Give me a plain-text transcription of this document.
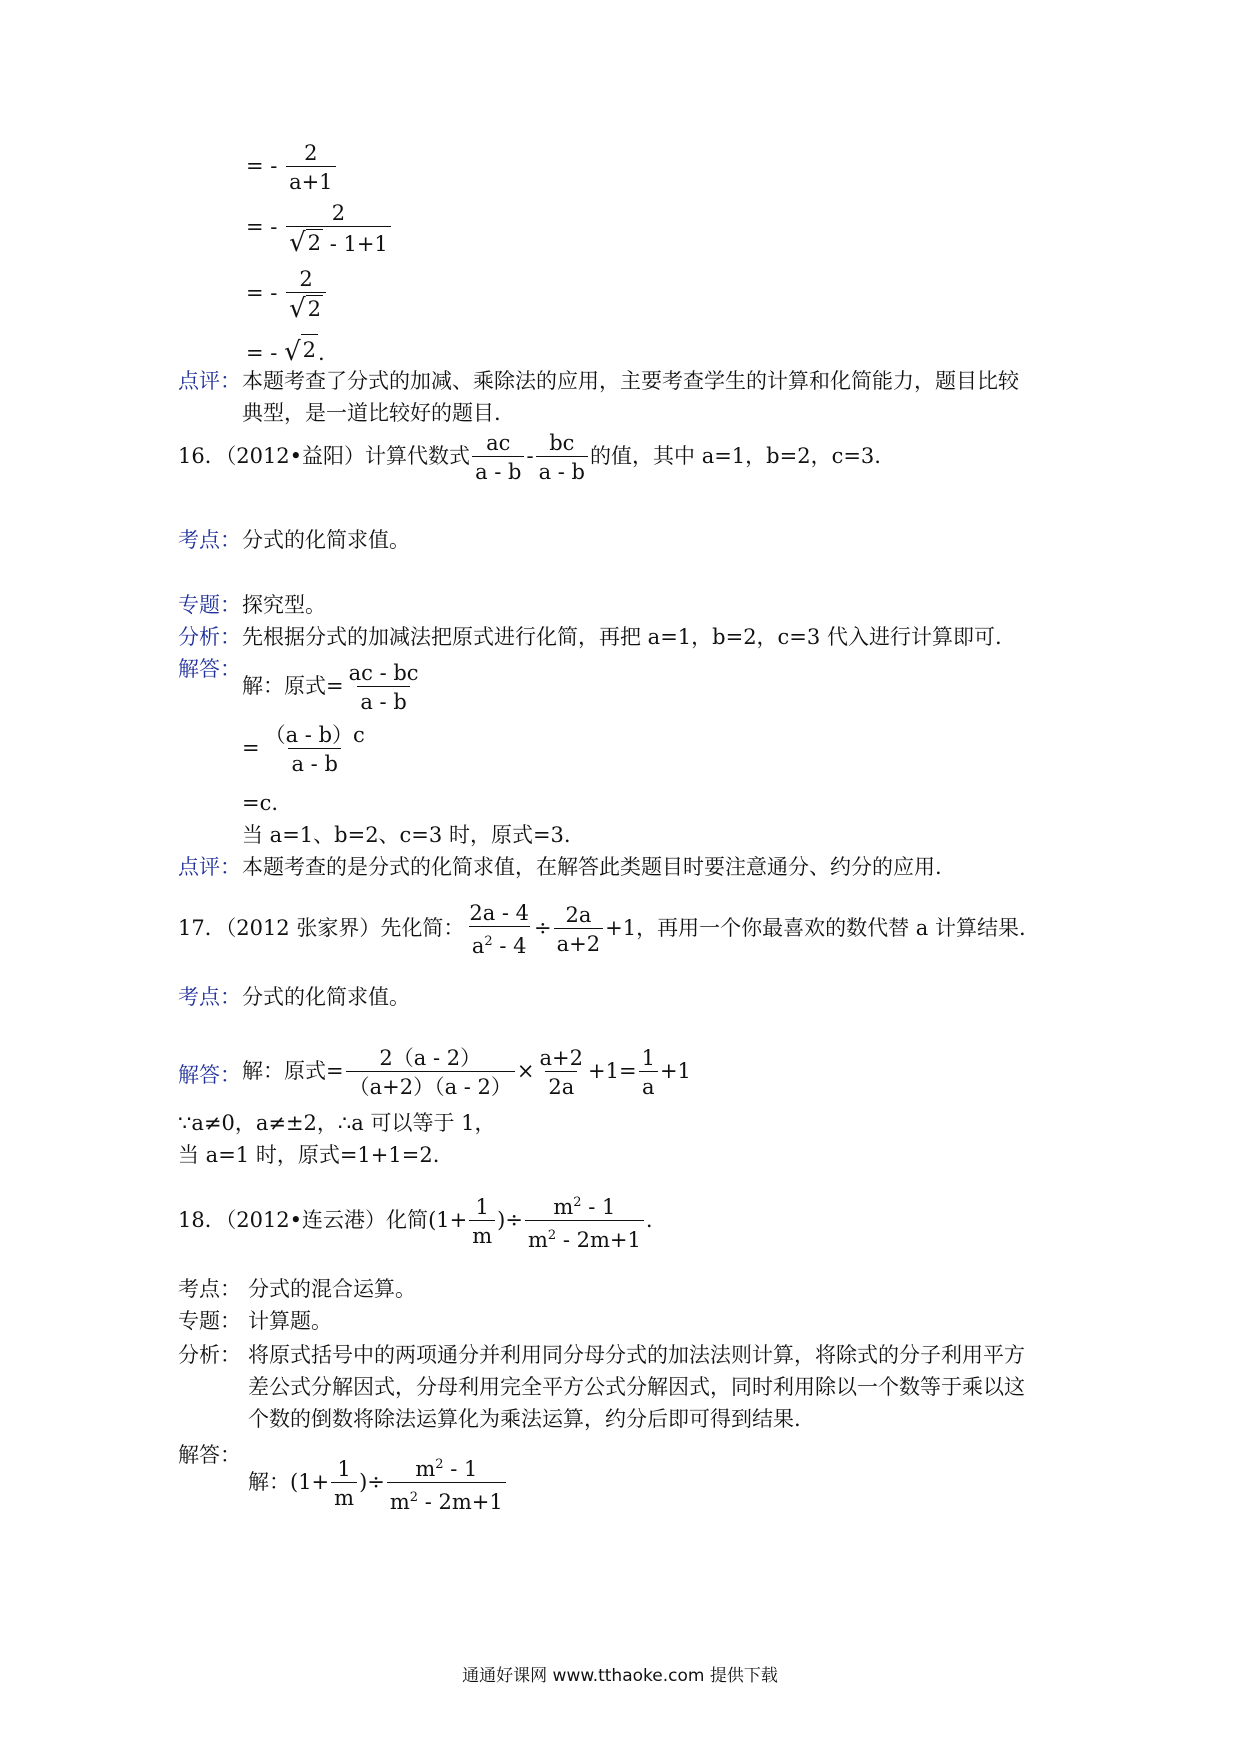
= - $\frac{2}{a+1}$
= - $\frac{2}{√ 2 - 1+1}$
= - $\frac{2}{√ 2}$
= - √ 2 .
点评： 本题考查了分式的加减、乘除法的应用，主要考查学生的计算和化简能力，题目比较
典型，是一道比较好的题目.
16．（2012•益阳）计算代数式 $\frac{ac}{a - b} - \frac{bc}{a - b}$ 的值，其中 a=1，b=2，c=3.
考点： 分式的化简求值。
专题： 探究型。
分析： 先根据分式的加减法把原式进行化简，再把 a=1，b=2，c=3 代入进行计算即可.
解答：
解：原式= $\frac{ac - bc}{a - b}$
= $\frac{(a - b)c}{a - b}$
=c.
当 a=1、b=2、c=3 时，原式=3.
点评： 本题考查的是分式的化简求值，在解答此类题目时要注意通分、约分的应用.
17．（2012 张家界）先化简： $\frac{2a - 4}{a^2 - 4} \div \frac{2a}{a+2} +1$，再用一个你最喜欢的数代替 a 计算结果.
考点： 分式的化简求值。
解答： 解：原式= $\frac{2(a - 2)}{(a+2)(a - 2)} \times \frac{a+2}{2a} +1= \frac{1}{a} +1$
∵a≠0，a≠±2，∴a 可以等于 1，
当 a=1 时，原式=1+1=2.
18．（2012•连云港）化简($1+ \frac{1}{m}$ )÷ $\frac{m^2 - 1}{m^2 - 2m+1}$ .
考点： 分式的混合运算。
专题： 计算题。
分析： 将原式括号中的两项通分并利用同分母分式的加法法则计算，将除式的分子利用平方
差公式分解因式，分母利用完全平方公式分解因式，同时利用除以一个数等于乘以这
个数的倒数将除法运算化为乘法运算，约分后即可得到结果.
解答：
解：($1+ \frac{1}{m}$ )÷ $\frac{m^2 - 1}{m^2 - 2m+1}$
通通好课网 www.tthaoke.com 提供下载
